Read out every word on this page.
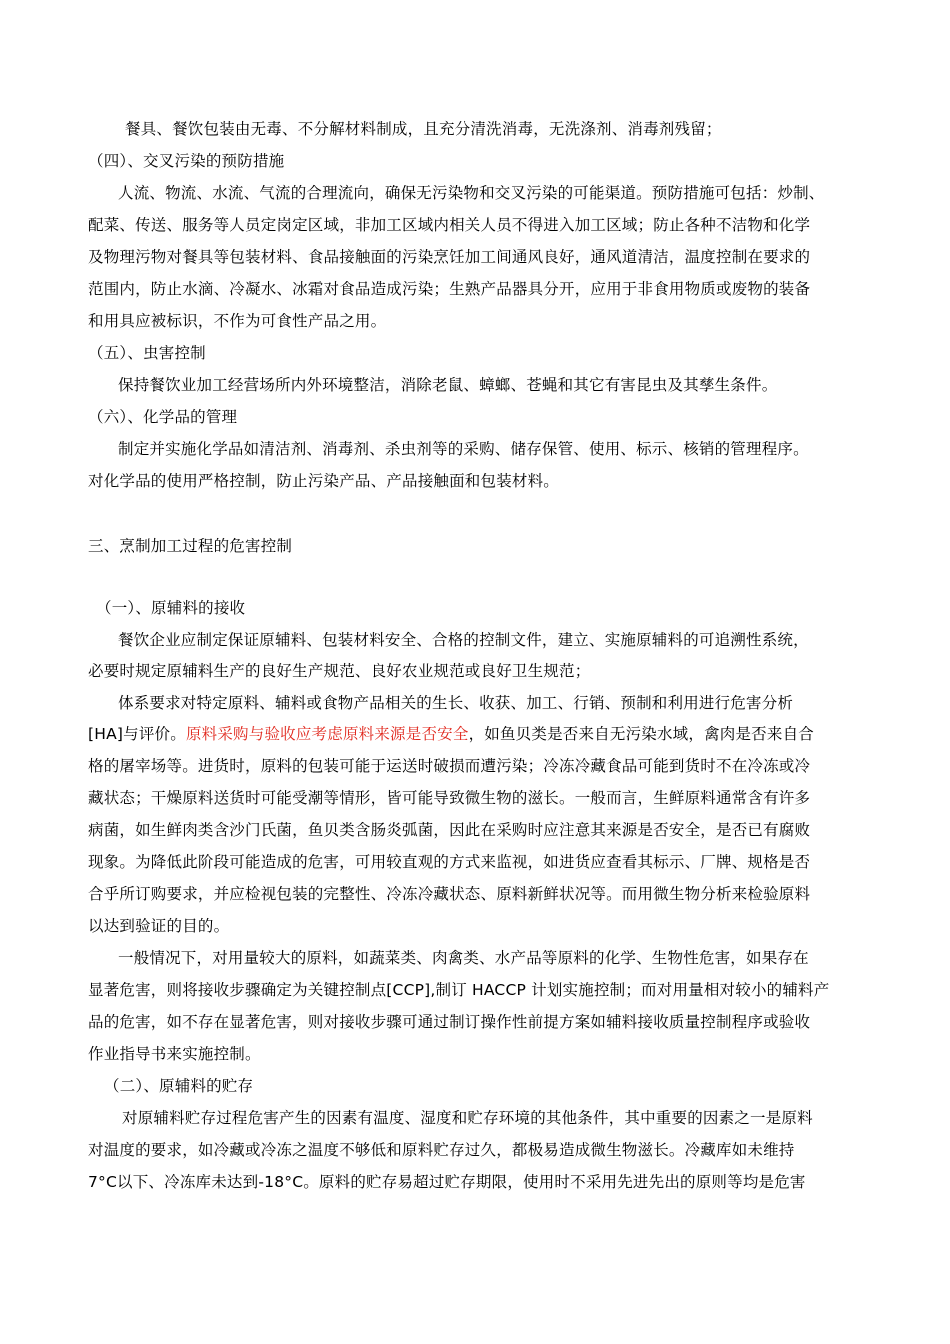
餐具、餐饮包装由无毒、不分解材料制成，且充分清洗消毒，无洗涤剂、消毒剂残留；
（四）、交叉污染的预防措施
人流、物流、水流、气流的合理流向，确保无污染物和交叉污染的可能渠道。预防措施可包括：炒制、
配菜、传送、服务等人员定岗定区域，非加工区域内相关人员不得进入加工区域；防止各种不洁物和化学
及物理污物对餐具等包装材料、食品接触面的污染烹饪加工间通风良好，通风道清洁，温度控制在要求的
范围内，防止水滴、冷凝水、冰霜对食品造成污染；生熟产品器具分开，应用于非食用物质或废物的装备
和用具应被标识，不作为可食性产品之用。
（五）、虫害控制
保持餐饮业加工经营场所内外环境整洁，消除老鼠、蟑螂、苍蝇和其它有害昆虫及其孳生条件。
（六）、化学品的管理
制定并实施化学品如清洁剂、消毒剂、杀虫剂等的采购、储存保管、使用、标示、核销的管理程序。
对化学品的使用严格控制，防止污染产品、产品接触面和包装材料。
三、烹制加工过程的危害控制
（一）、原辅料的接收
餐饮企业应制定保证原辅料、包装材料安全、合格的控制文件，建立、实施原辅料的可追溯性系统，
必要时规定原辅料生产的良好生产规范、良好农业规范或良好卫生规范；
体系要求对特定原料、辅料或食物产品相关的生长、收获、加工、行销、预制和利用进行危害分析
[HA]与评价。原料采购与验收应考虑原料来源是否安全，如鱼贝类是否来自无污染水域，禽肉是否来自合
格的屠宰场等。进货时，原料的包装可能于运送时破损而遭污染；冷冻冷藏食品可能到货时不在冷冻或冷
藏状态；干燥原料送货时可能受潮等情形，皆可能导致微生物的滋长。一般而言，生鲜原料通常含有许多
病菌，如生鲜肉类含沙门氏菌，鱼贝类含肠炎弧菌，因此在采购时应注意其来源是否安全，是否已有腐败
现象。为降低此阶段可能造成的危害，可用较直观的方式来监视，如进货应查看其标示、厂牌、规格是否
合乎所订购要求，并应检视包装的完整性、冷冻冷藏状态、原料新鲜状况等。而用微生物分析来检验原料
以达到验证的目的。
一般情况下，对用量较大的原料，如蔬菜类、肉禽类、水产品等原料的化学、生物性危害，如果存在
显著危害，则将接收步骤确定为关键控制点[CCP],制订 HACCP 计划实施控制；而对用量相对较小的辅料产
品的危害，如不存在显著危害，则对接收步骤可通过制订操作性前提方案如辅料接收质量控制程序或验收
作业指导书来实施控制。
（二）、原辅料的贮存
对原辅料贮存过程危害产生的因素有温度、湿度和贮存环境的其他条件，其中重要的因素之一是原料
对温度的要求，如冷藏或冷冻之温度不够低和原料贮存过久，都极易造成微生物滋长。冷藏库如未维持
7°C以下、冷冻库未达到-18°C。原料的贮存易超过贮存期限，使用时不采用先进先出的原则等均是危害
